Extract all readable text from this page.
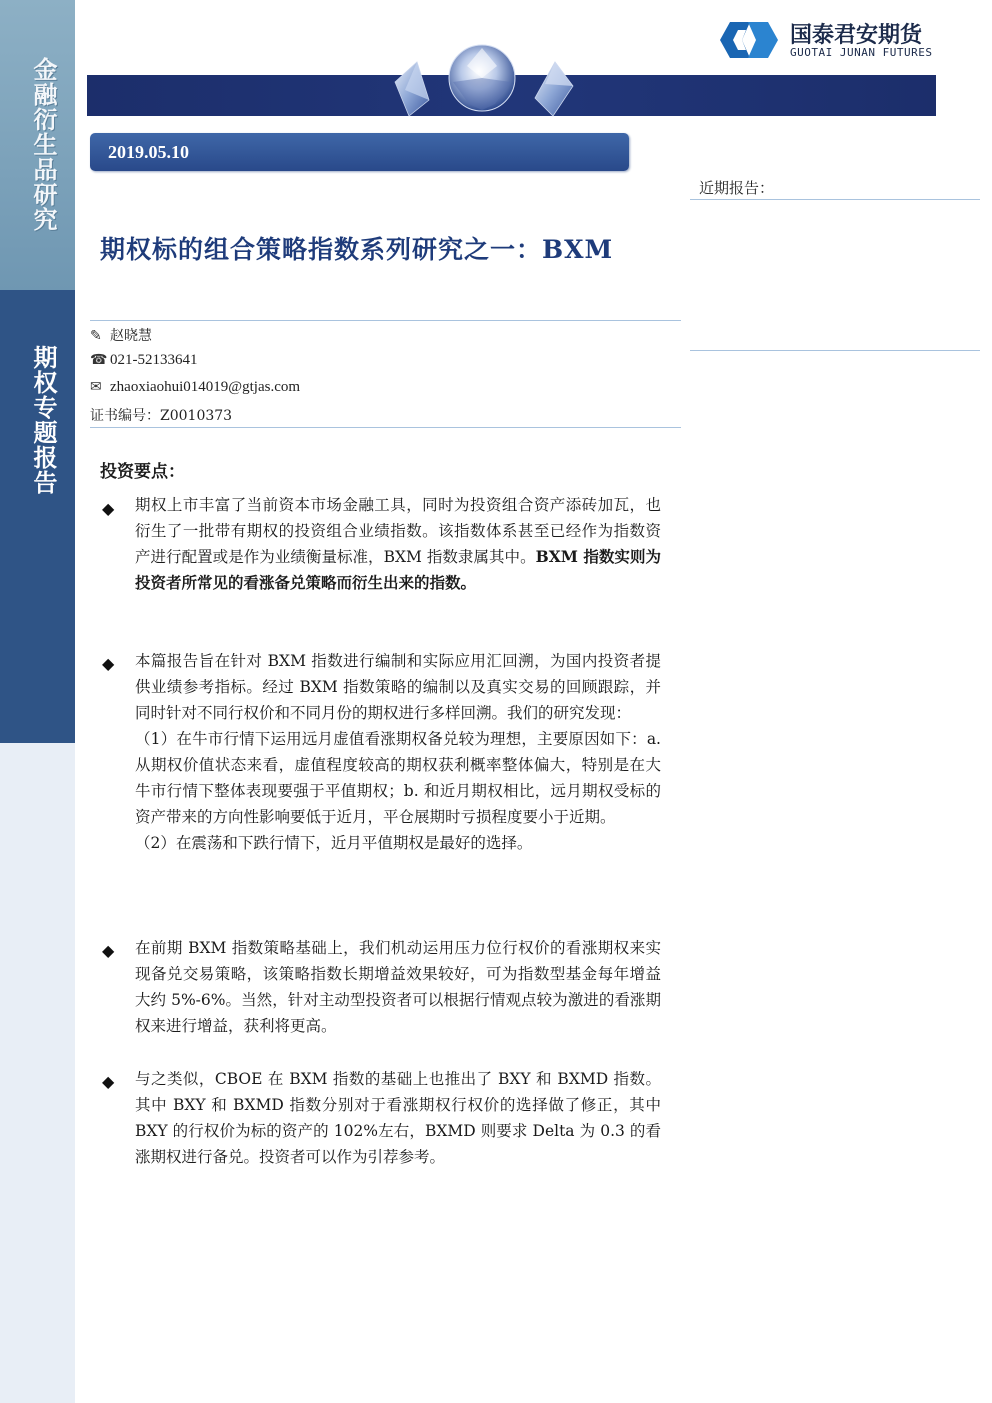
金融衍生品研究
期权专题报告
国泰君安期货
GUOTAI JUNAN FUTURES
2019.05.10
近期报告：
期权标的组合策略指数系列研究之一：BXM
✎ 赵晓慧
☎ 021-52133641
✉ zhaoxiaohui014019@gtjas.com
证书编号：Z0010373
投资要点：
◆ 期权上市丰富了当前资本市场金融工具，同时为投资组合资产添砖加瓦，也衍生了一批带有期权的投资组合业绩指数。该指数体系甚至已经作为指数资产进行配置或是作为业绩衡量标准，BXM 指数隶属其中。BXM 指数实则为投资者所常见的看涨备兑策略而衍生出来的指数。

◆ 本篇报告旨在针对 BXM 指数进行编制和实际应用汇回溯，为国内投资者提供业绩参考指标。经过 BXM 指数策略的编制以及真实交易的回顾跟踪，并同时针对不同行权价和不同月份的期权进行多样回溯。我们的研究发现：

（1）在牛市行情下运用远月虚值看涨期权备兑较为理想，主要原因如下：a. 从期权价值状态来看，虚值程度较高的期权获利概率整体偏大，特别是在大牛市行情下整体表现要强于平值期权；b. 和近月期权相比，远月期权受标的资产带来的方向性影响要低于近月，平仓展期时亏损程度要小于近期。

（2）在震荡和下跌行情下，近月平值期权是最好的选择。

◆ 在前期 BXM 指数策略基础上，我们机动运用压力位行权价的看涨期权来实现备兑交易策略，该策略指数长期增益效果较好，可为指数型基金每年增益大约 5%-6%。当然，针对主动型投资者可以根据行情观点较为激进的看涨期权来进行增益，获利将更高。

◆ 与之类似，CBOE 在 BXM 指数的基础上也推出了 BXY 和 BXMD 指数。其中 BXY 和 BXMD 指数分别对于看涨期权行权价的选择做了修正，其中 BXY 的行权价为标的资产的 102%左右，BXMD 则要求 Delta 为 0.3 的看涨期权进行备兑。投资者可以作为引荐参考。
